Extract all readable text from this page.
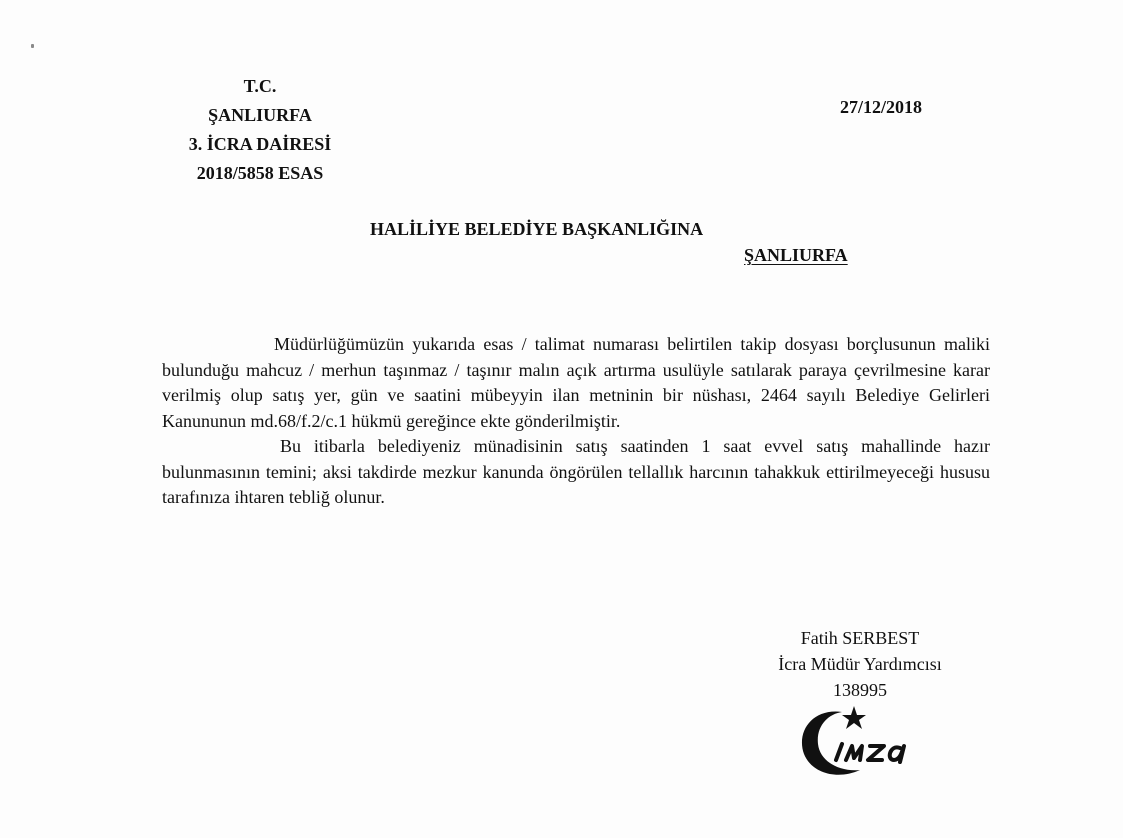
T.C.
ŞANLIURFA
3. İCRA DAİRESİ
2018/5858 ESAS
27/12/2018
HALİLİYE BELEDİYE BAŞKANLIĞINA
ŞANLIURFA

Müdürlüğümüzün yukarıda esas / talimat numarası belirtilen takip dosyası borçlusunun maliki bulunduğu mahcuz / merhun taşınmaz / taşınır malın açık artırma usulüyle satılarak paraya çevrilmesine karar verilmiş olup satış yer, gün ve saatini mübeyyin ilan metninin bir nüshası, 2464 sayılı Belediye Gelirleri Kanununun md.68/f.2/c.1 hükmü gereğince ekte gönderilmiştir.

Bu itibarla belediyeniz münadisinin satış saatinden 1 saat evvel satış mahallinde hazır bulunmasının temini; aksi takdirde mezkur kanunda öngörülen tellallık harcının tahakkuk ettirilmeyeceği hususu tarafınıza ihtaren tebliğ olunur.

Fatih SERBEST
İcra Müdür Yardımcısı
138995
